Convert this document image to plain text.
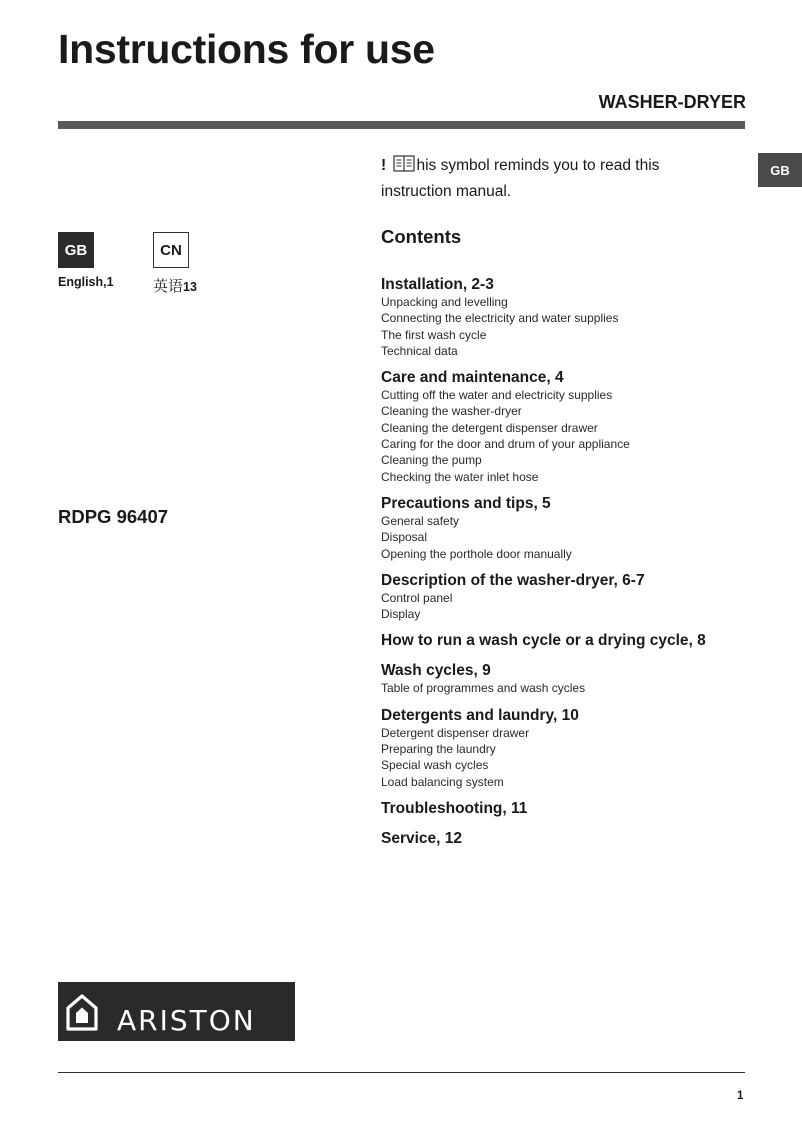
Instructions for use
WASHER-DRYER
GB
! his symbol reminds you to read this instruction manual.
GB	CN
English,1	英语13
RDPG 96407
Contents
Installation, 2-3
Unpacking and levelling
Connecting the electricity and water supplies
The first wash cycle
Technical data
Care and maintenance, 4
Cutting off the water and electricity supplies
Cleaning the washer-dryer
Cleaning the detergent dispenser drawer
Caring for the door and drum of your appliance
Cleaning the pump
Checking the water inlet hose
Precautions and tips, 5
General safety
Disposal
Opening the porthole door manually
Description of the washer-dryer, 6-7
Control panel
Display
How to run a wash cycle or a drying cycle, 8
Wash cycles, 9
Table of programmes and wash cycles
Detergents and laundry, 10
Detergent dispenser drawer
Preparing the laundry
Special wash cycles
Load balancing system
Troubleshooting, 11
Service, 12
ARISTON
1
